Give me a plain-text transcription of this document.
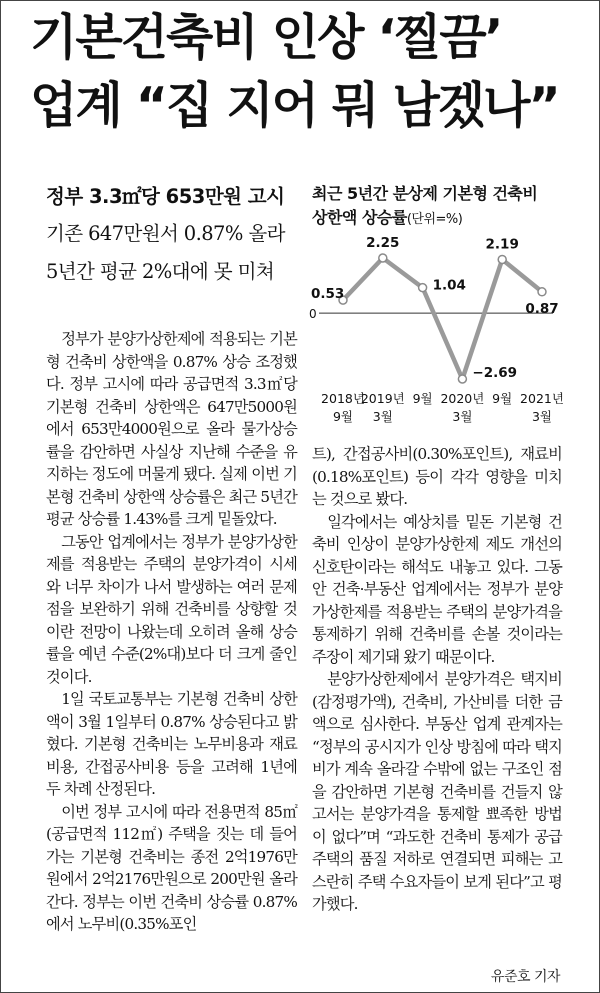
기본건축비 인상 ‘찔끔’
업계 “집 지어 뭐 남겠나”
정부 3.3㎡당 653만원 고시
기존 647만원서 0.87% 올라
5년간 평균 2%대에 못 미쳐
최근 5년간 분상제 기본형 건축비
상한액 상승률(단위=%)
0
0.53
2.25
1.04
−2.69
2.19
0.87
2018년
9월
2019년
3월
9월 2020년
3월
9월 2021년
3월

정부가 분양가상한제에 적용되는 기본형 건축비 상한액을 0.87% 상승 조정했다. 정부 고시에 따라 공급면적 3.3㎡당 기본형 건축비 상한액은 647만5000원에서 653만4000원으로 올라 물가상승률을 감안하면 사실상 지난해 수준을 유지하는 정도에 머물게 됐다. 실제 이번 기본형 건축비 상한액 상승률은 최근 5년간 평균 상승률 1.43%를 크게 밑돌았다.

그동안 업계에서는 정부가 분양가상한제를 적용받는 주택의 분양가격이 시세와 너무 차이가 나서 발생하는 여러 문제점을 보완하기 위해 건축비를 상향할 것이란 전망이 나왔는데 오히려 올해 상승률을 예년 수준(2%대)보다 더 크게 줄인 것이다.

1일 국토교통부는 기본형 건축비 상한액이 3월 1일부터 0.87% 상승된다고 밝혔다. 기본형 건축비는 노무비용과 재료비용, 간접공사비용 등을 고려해 1년에 두 차례 산정된다.

이번 정부 고시에 따라 전용면적 85㎡(공급면적 112㎡) 주택을 짓는 데 들어가는 기본형 건축비는 종전 2억1976만원에서 2억2176만원으로 200만원 올라간다. 정부는 이번 건축비 상승률 0.87%에서 노무비(0.35%포인

트), 간접공사비(0.30%포인트), 재료비(0.18%포인트) 등이 각각 영향을 미치는 것으로 봤다.

일각에서는 예상치를 밑돈 기본형 건축비 인상이 분양가상한제 제도 개선의 신호탄이라는 해석도 내놓고 있다. 그동안 건축·부동산 업계에서는 정부가 분양가상한제를 적용받는 주택의 분양가격을 통제하기 위해 건축비를 손볼 것이라는 주장이 제기돼 왔기 때문이다.

분양가상한제에서 분양가격은 택지비(감정평가액), 건축비, 가산비를 더한 금액으로 심사한다. 부동산 업계 관계자는 “정부의 공시지가 인상 방침에 따라 택지비가 계속 올라갈 수밖에 없는 구조인 점을 감안하면 기본형 건축비를 건들지 않고서는 분양가격을 통제할 뾰족한 방법이 없다”며 “과도한 건축비 통제가 공급 주택의 품질 저하로 연결되면 피해는 고스란히 주택 수요자들이 보게 된다”고 평가했다.

유준호 기자
